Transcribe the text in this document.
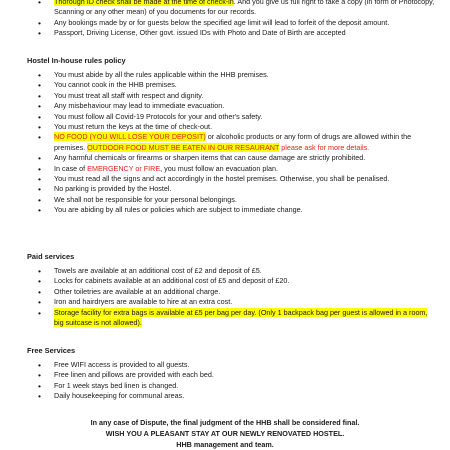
• Thorough ID check shall be made at the time of check-in. And you give us full right to take a copy (in form of Photocopy, Scanning or any other mean) of you documents for our records.
• Any bookings made by or for guests below the specified age limit will lead to forfeit of the deposit amount.
• Passport, Driving License, Other govt. issued IDs with Photo and Date of Birth are accepted
Hostel In-house rules policy
• You must abide by all the rules applicable within the HHB premises.
• You cannot cook in the HHB premises.
• You must treat all staff with respect and dignity.
• Any misbehaviour may lead to immediate evacuation.
• You must follow all Covid-19 Protocols for your and other's safety.
• You must return the keys at the time of check-out.
• NO FOOD (YOU WILL LOSE YOUR DEPOSIT) or alcoholic products or any form of drugs are allowed within the premises. OUTDOOR FOOD MUST BE EATEN IN OUR RESAURANT please ask for more details.
• Any harmful chemicals or firearms or sharpen items that can cause damage are strictly prohibited.
• In case of EMERGENCY or FIRE, you must follow an evacuation plan.
• You must read all the signs and act accordingly in the hostel premises. Otherwise, you shall be penalised.
• No parking is provided by the Hostel.
• We shall not be responsible for your personal belongings.
• You are abiding by all rules or policies which are subject to immediate change.
Paid services
• Towels are available at an additional cost of £2 and deposit of £5.
• Locks for cabinets available at an additional cost of £5 and deposit of £20.
• Other toiletries are available at an additional charge.
• Iron and hairdryers are available to hire at an extra cost.
• Storage facility for extra bags is available at £5 per bag per day. (Only 1 backpack bag per guest is allowed in a room, big suitcase is not allowed).
Free Services
• Free WIFI access is provided to all guests.
• Free linen and pillows are provided with each bed.
• For 1 week stays bed linen is changed.
• Daily housekeeping for communal areas.
In any case of Dispute, the final judgment of the HHB shall be considered final.
WISH YOU A PLEASANT STAY AT OUR NEWLY RENOVATED HOSTEL.
HHB management and team.
